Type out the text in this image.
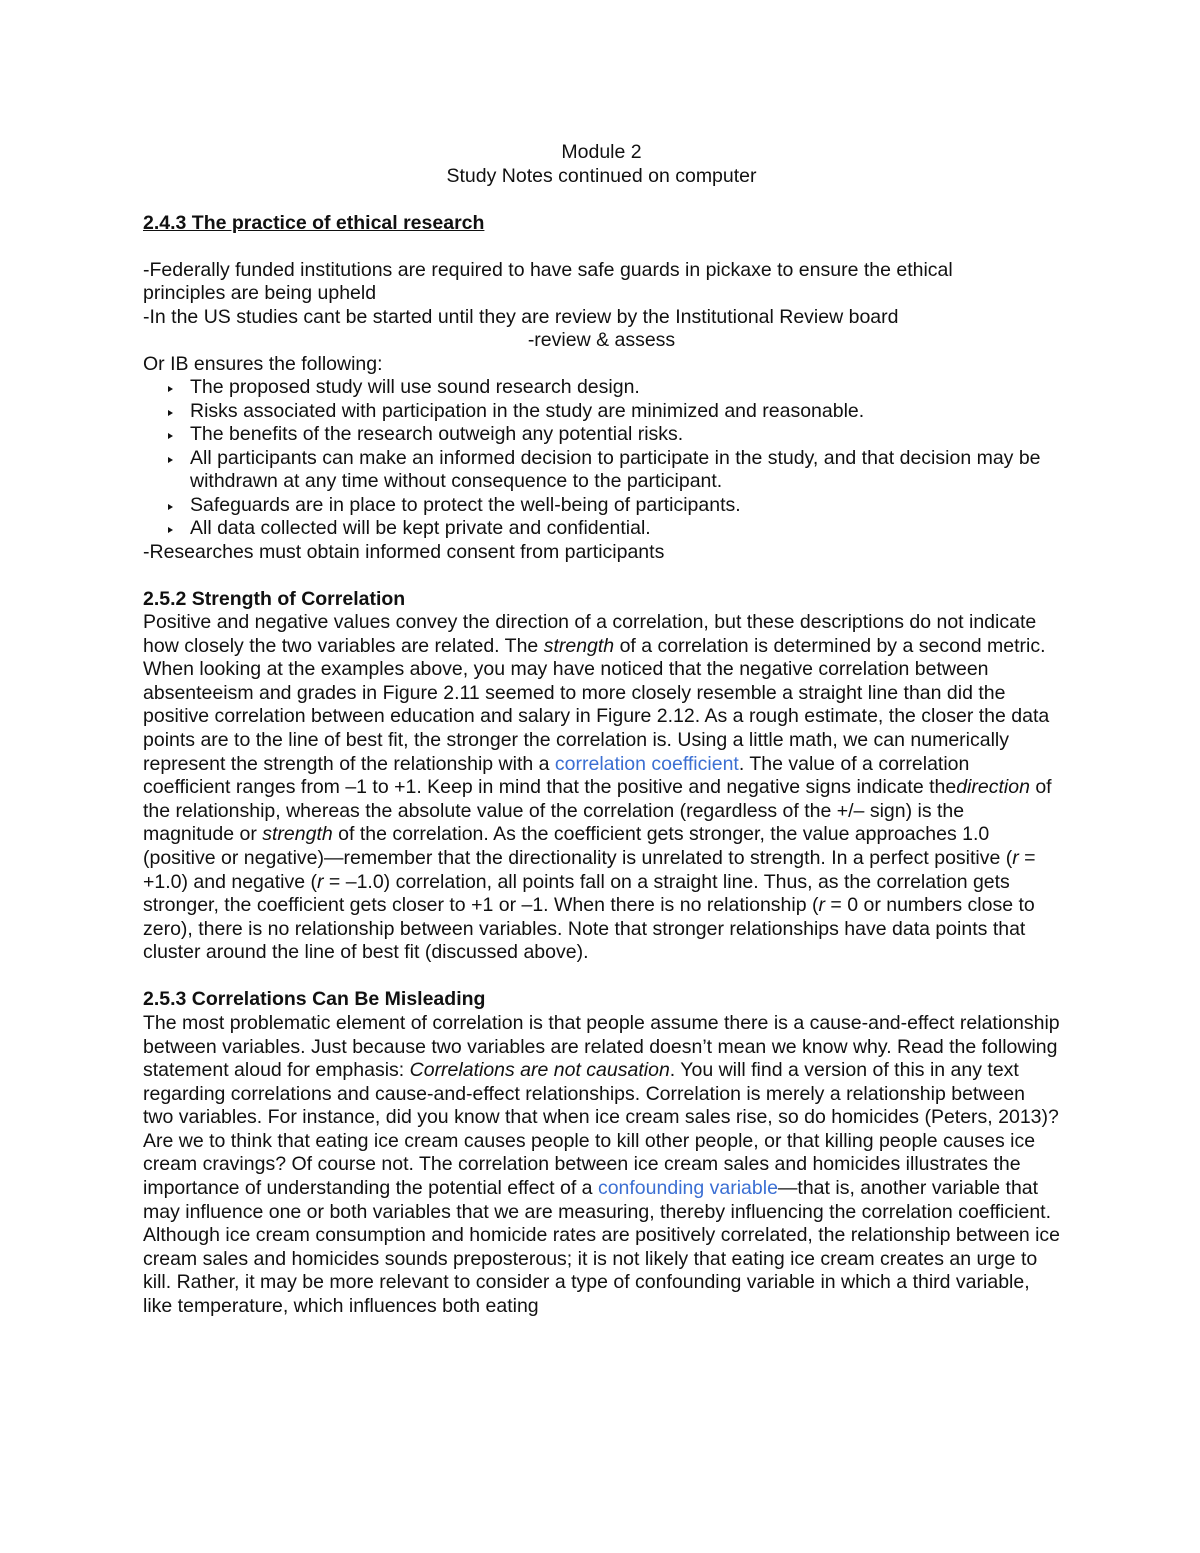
Module 2
Study Notes continued on computer
2.4.3 The practice of ethical research
-Federally funded institutions are required to have safe guards in pickaxe to ensure the ethical
principles are being upheld
-In the US studies cant be started until they are review by the Institutional Review board
-review & assess
Or IB ensures the following:
The proposed study will use sound research design.
Risks associated with participation in the study are minimized and reasonable.
The benefits of the research outweigh any potential risks.
All participants can make an informed decision to participate in the study, and that decision may be withdrawn at any time without consequence to the participant.
Safeguards are in place to protect the well-being of participants.
All data collected will be kept private and confidential.
-Researches must obtain informed consent from participants
2.5.2 Strength of Correlation

Positive and negative values convey the direction of a correlation, but these descriptions do not indicate how closely the two variables are related. The strength of a correlation is determined by a second metric.

When looking at the examples above, you may have noticed that the negative correlation between absenteeism and grades in Figure 2.11 seemed to more closely resemble a straight line than did the positive correlation between education and salary in Figure 2.12. As a rough estimate, the closer the data points are to the line of best fit, the stronger the correlation is. Using a little math, we can numerically represent the strength of the relationship with a correlation coefficient. The value of a correlation coefficient ranges from –1 to +1. Keep in mind that the positive and negative signs indicate thedirection of the relationship, whereas the absolute value of the correlation (regardless of the +/– sign) is the magnitude or strength of the correlation. As the coefficient gets stronger, the value approaches 1.0 (positive or negative)—remember that the directionality is unrelated to strength. In a perfect positive (r = +1.0) and negative (r = –1.0) correlation, all points fall on a straight line. Thus, as the correlation gets stronger, the coefficient gets closer to +1 or –1. When there is no relationship (r = 0 or numbers close to zero), there is no relationship between variables. Note that stronger relationships have data points that cluster around the line of best fit (discussed above).

2.5.3 Correlations Can Be Misleading

The most problematic element of correlation is that people assume there is a cause-and-effect relationship between variables. Just because two variables are related doesn’t mean we know why. Read the following statement aloud for emphasis: Correlations are not causation. You will find a version of this in any text regarding correlations and cause-and-effect relationships. Correlation is merely a relationship between two variables. For instance, did you know that when ice cream sales rise, so do homicides (Peters, 2013)? Are we to think that eating ice cream causes people to kill other people, or that killing people causes ice cream cravings? Of course not. The correlation between ice cream sales and homicides illustrates the importance of understanding the potential effect of a confounding variable—that is, another variable that may influence one or both variables that we are measuring, thereby influencing the correlation coefficient. Although ice cream consumption and homicide rates are positively correlated, the relationship between ice cream sales and homicides sounds preposterous; it is not likely that eating ice cream creates an urge to kill. Rather, it may be more relevant to consider a type of confounding variable in which a third variable, like temperature, which influences both eating
